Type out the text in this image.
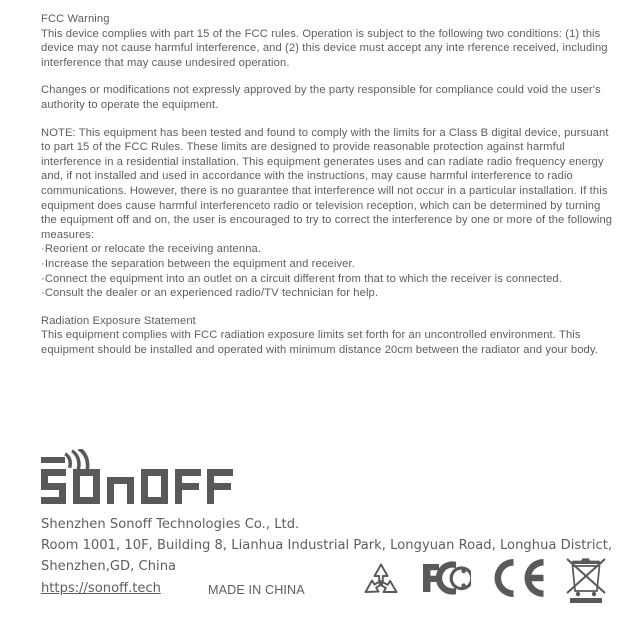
FCC Warning

This device complies with part 15 of the FCC rules. Operation is subject to the following two conditions: (1) this device may not cause harmful interference, and (2) this device must accept any inte rference received, including interference that may cause undesired operation.

Changes or modifications not expressly approved by the party responsible for compliance could void the user's authority to operate the equipment.

NOTE: This equipment has been tested and found to comply with the limits for a Class B digital device, pursuant to part 15 of the FCC Rules. These limits are designed to provide reasonable protection against harmful interference in a residential installation. This equipment generates uses and can radiate radio frequency energy and, if not installed and used in accordance with the instructions, may cause harmful interference to radio communications. However, there is no guarantee that interference will not occur in a particular installation. If this equipment does cause harmful interferenceto radio or television reception, which can be determined by turning the equipment off and on, the user is encouraged to try to correct the interference by one or more of the following measures:

·Reorient or relocate the receiving antenna.
·Increase the separation between the equipment and receiver.
·Connect the equipment into an outlet on a circuit different from that to which the receiver is connected.
·Consult the dealer or an experienced radio/TV technician for help.

Radiation Exposure Statement

This equipment complies with FCC radiation exposure limits set forth for an uncontrolled environment. This equipment should be installed and operated with minimum distance 20cm between the radiator and your body.

Shenzhen Sonoff Technologies Co., Ltd.

Room 1001, 10F, Building 8, Lianhua Industrial Park, Longyuan Road, Longhua District,

Shenzhen,GD, China

https://sonoff.tech	MADE IN CHINA
